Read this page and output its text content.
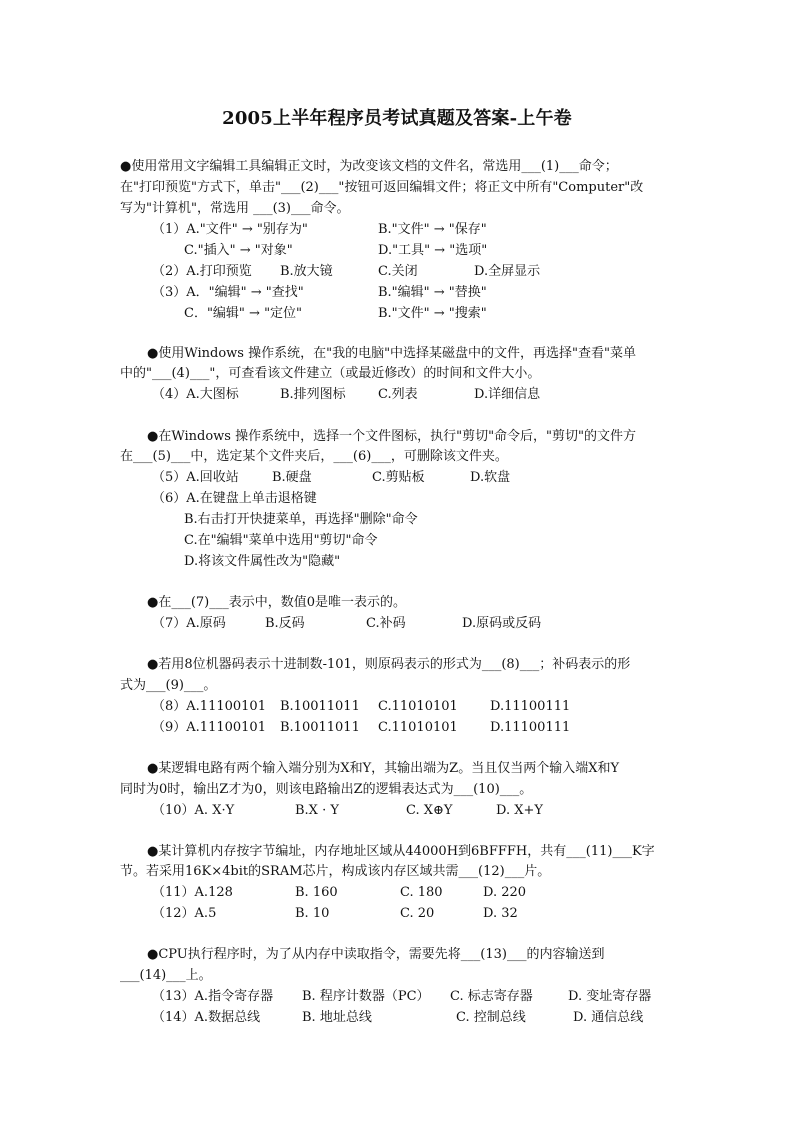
2005上半年程序员考试真题及答案-上午卷
●使用常用文字编辑工具编辑正文时，为改变该文档的文件名，常选用___(1)___命令；
在"打印预览"方式下，单击"___(2)___"按钮可返回编辑文件；将正文中所有"Computer"改
写为"计算机"，常选用 ___(3)___命令。
（1）A."文件" → "别存为"	B."文件" → "保存"
C."插入" → "对象"	D."工具" → "选项"
（2）A.打印预览 B.放大镜	C.关闭	D.全屏显示
（3）A．"编辑" → "查找"	B."编辑" → "替换"
C．"编辑" → "定位"	B."文件" → "搜索"
●使用Windows 操作系统，在"我的电脑"中选择某磁盘中的文件，再选择"查看"菜单
中的"___(4)___"，可查看该文件建立（或最近修改）的时间和文件大小。
（4）A.大图标	B.排列图标 C.列表	D.详细信息
●在Windows 操作系统中，选择一个文件图标，执行"剪切"命令后，"剪切"的文件方
在___(5)___中，选定某个文件夹后，___(6)___，可删除该文件夹。
（5）A.回收站	B.硬盘	C.剪贴板	D.软盘
（6）A.在键盘上单击退格键
B.右击打开快捷菜单，再选择"删除"命令
C.在"编辑"菜单中选用"剪切"命令
D.将该文件属性改为"隐藏"
●在___(7)___表示中，数值0是唯一表示的。
（7）A.原码	B.反码	C.补码	D.原码或反码
●若用8位机器码表示十进制数-101，则原码表示的形式为___(8)___；补码表示的形
式为___(9)___。
（8）A.11100101 B.10011011 C.11010101 D.11100111
（9）A.11100101 B.10011011 C.11010101 D.11100111
●某逻辑电路有两个输入端分别为X和Y，其输出端为Z。当且仅当两个输入端X和Y
同时为0时，输出Z才为0，则该电路输出Z的逻辑表达式为___(10)___。
（10）A. X·Y	B.X · Y	C. X⊕Y	D. X+Y
●某计算机内存按字节编址，内存地址区域从44000H到6BFFFH，共有___(11)___K字
节。若采用16K×4bit的SRAM芯片，构成该内存区域共需___(12)___片。
（11）A.128	B. 160	C. 180	D. 220
（12）A.5	B. 10	C. 20	D. 32
●CPU执行程序时，为了从内存中读取指令，需要先将___(13)___的内容输送到
___(14)___上。
（13）A.指令寄存器 B. 程序计数器（PC） C. 标志寄存器	D. 变址寄存器
（14）A.数据总线	B. 地址总线	C. 控制总线	D. 通信总线
